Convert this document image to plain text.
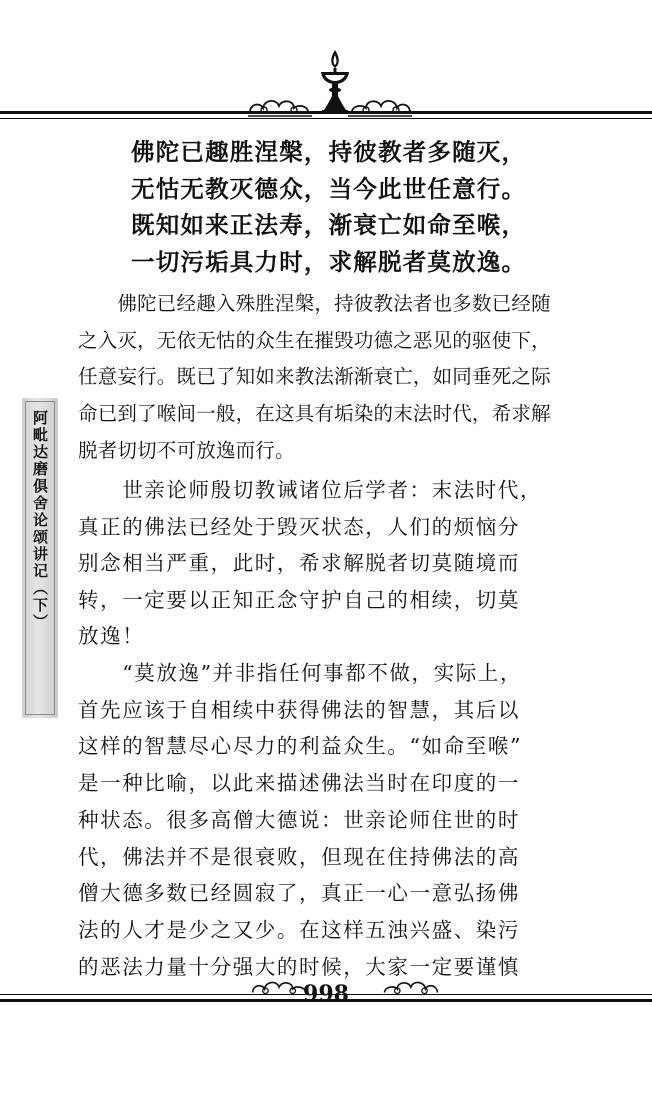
阿毗达磨俱舍论颂讲记（下）
佛陀已趣胜涅槃，持彼教者多随灭，
无怙无教灭德众，当今此世任意行。
既知如来正法寿，渐衰亡如命至喉，
一切污垢具力时，求解脱者莫放逸。
　　佛陀已经趣入殊胜涅槃，持彼教法者也多数已经随
之入灭，无依无怙的众生在摧毁功德之恶见的驱使下，
任意妄行。既已了知如来教法渐渐衰亡，如同垂死之际
命已到了喉间一般，在这具有垢染的末法时代，希求解
脱者切切不可放逸而行。
　　世亲论师殷切教诫诸位后学者：末法时代，
真正的佛法已经处于毁灭状态，人们的烦恼分
别念相当严重，此时，希求解脱者切莫随境而
转，一定要以正知正念守护自己的相续，切莫
放逸！
　　“莫放逸”并非指任何事都不做，实际上，
首先应该于自相续中获得佛法的智慧，其后以
这样的智慧尽心尽力的利益众生。“如命至喉”
是一种比喻，以此来描述佛法当时在印度的一
种状态。很多高僧大德说：世亲论师住世的时
代，佛法并不是很衰败，但现在住持佛法的高
僧大德多数已经圆寂了，真正一心一意弘扬佛
法的人才是少之又少。在这样五浊兴盛、染污
的恶法力量十分强大的时候，大家一定要谨慎
998
